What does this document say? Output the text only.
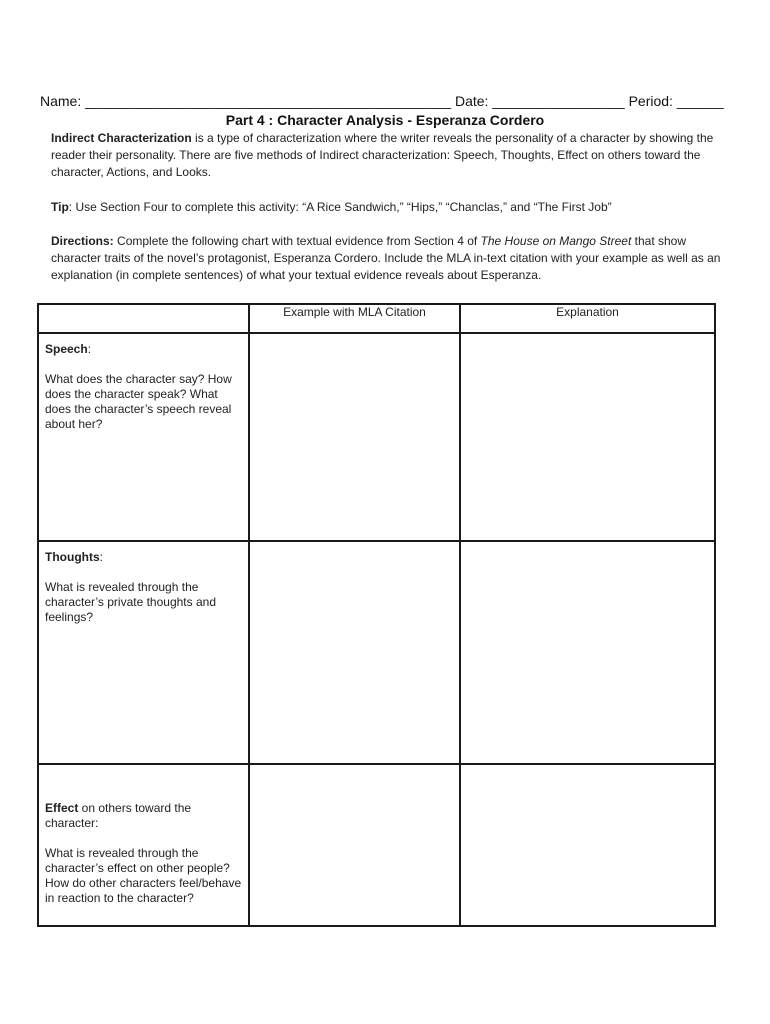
Name: _______________________________________________ Date: _________________ Period: ______
Part 4 : Character Analysis - Esperanza Cordero
Indirect Characterization is a type of characterization where the writer reveals the personality of a character by showing the reader their personality. There are five methods of Indirect characterization: Speech, Thoughts, Effect on others toward the character, Actions, and Looks.
Tip: Use Section Four to complete this activity: “A Rice Sandwich,” “Hips,” “Chanclas,” and “The First Job”
Directions: Complete the following chart with textual evidence from Section 4 of The House on Mango Street that show character traits of the novel’s protagonist, Esperanza Cordero. Include the MLA in-text citation with your example as well as an explanation (in complete sentences) of what your textual evidence reveals about Esperanza.
	Example with MLA Citation	Explanation

Speech:

What does the character say? How does the character speak? What does the character’s speech reveal about her?		

Thoughts:

What is revealed through the character’s private thoughts and feelings?		

Effect on others toward the character:

What is revealed through the character’s effect on other people? How do other characters feel/behave in reaction to the character?		
